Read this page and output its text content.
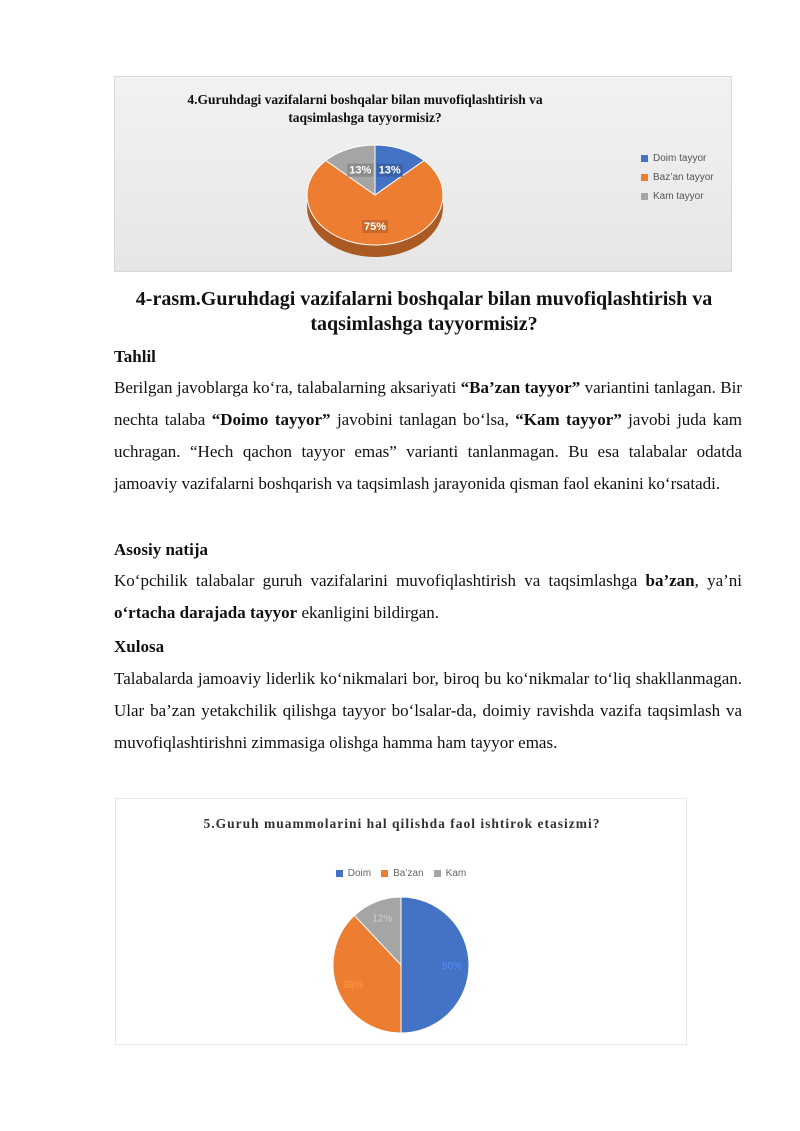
4.Guruhdagi vazifalarni boshqalar bilan muvofiqlashtirish va taqsimlashga tayyormisiz?
13%
75%
13%
Doim tayyor
Baz’an tayyor
Kam tayyor
4-rasm.Guruhdagi vazifalarni boshqalar bilan muvofiqlashtirish va taqsimlashga tayyormisiz?
Tahlil
Berilgan javoblarga ko‘ra, talabalarning aksariyati “Ba’zan tayyor” variantini tanlagan. Bir nechta talaba “Doimo tayyor” javobini tanlagan bo‘lsa, “Kam tayyor” javobi juda kam uchragan. “Hech qachon tayyor emas” varianti tanlanmagan. Bu esa talabalar odatda jamoaviy vazifalarni boshqarish va taqsimlash jarayonida qisman faol ekanini ko‘rsatadi.
Asosiy natija
Ko‘pchilik talabalar guruh vazifalarini muvofiqlashtirish va taqsimlashga ba’zan, ya’ni o‘rtacha darajada tayyor ekanligini bildirgan.
Xulosa
Talabalarda jamoaviy liderlik ko‘nikmalari bor, biroq bu ko‘nikmalar to‘liq shakllanmagan. Ular ba’zan yetakchilik qilishga tayyor bo‘lsalar-da, doimiy ravishda vazifa taqsimlash va muvofiqlashtirishni zimmasiga olishga hamma ham tayyor emas.
5.Guruh muammolarini hal qilishda faol ishtirok etasizmi?
Doim Ba’zan Kam
50%
38%
12%
